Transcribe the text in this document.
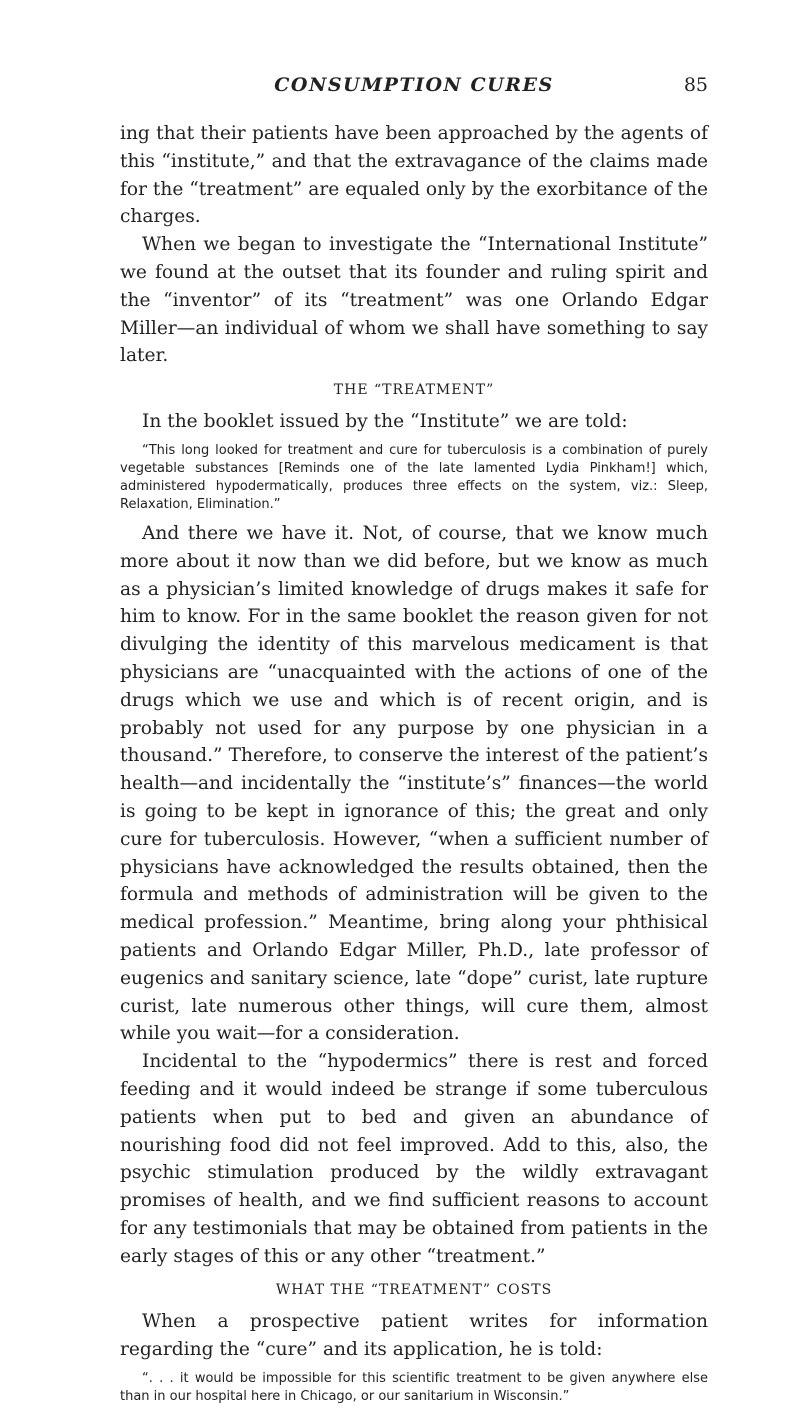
CONSUMPTION CURES	85

ing that their patients have been approached by the agents of this “institute,” and that the extravagance of the claims made for the “treatment” are equaled only by the exorbitance of the charges.

When we began to investigate the “International Institute” we found at the outset that its founder and ruling spirit and the “inventor” of its “treatment” was one Orlando Edgar Miller—an individual of whom we shall have something to say later.

THE “TREATMENT”

In the booklet issued by the “Institute” we are told:

“This long looked for treatment and cure for tuberculosis is a combination of purely vegetable substances [Reminds one of the late lamented Lydia Pinkham!] which, administered hypodermatically, produces three effects on the system, viz.: Sleep, Relaxation, Elimination.”

And there we have it. Not, of course, that we know much more about it now than we did before, but we know as much as a physician’s limited knowledge of drugs makes it safe for him to know. For in the same booklet the reason given for not divulging the identity of this marvelous medicament is that physicians are “unacquainted with the actions of one of the drugs which we use and which is of recent origin, and is probably not used for any purpose by one physician in a thousand.” Therefore, to conserve the interest of the patient’s health—and incidentally the “institute’s” finances—the world is going to be kept in ignorance of this; the great and only cure for tuberculosis. However, “when a sufficient number of physicians have acknowledged the results obtained, then the formula and methods of administration will be given to the medical profession.” Meantime, bring along your phthisical patients and Orlando Edgar Miller, Ph.D., late professor of eugenics and sanitary science, late “dope” curist, late rupture curist, late numerous other things, will cure them, almost while you wait—for a consideration.

Incidental to the “hypodermics” there is rest and forced feeding and it would indeed be strange if some tuberculous patients when put to bed and given an abundance of nourishing food did not feel improved. Add to this, also, the psychic stimulation produced by the wildly extravagant promises of health, and we find sufficient reasons to account for any testimonials that may be obtained from patients in the early stages of this or any other “treatment.”

WHAT THE “TREATMENT” COSTS

When a prospective patient writes for information regarding the “cure” and its application, he is told:

“. . . it would be impossible for this scientific treatment to be given anywhere else than in our hospital here in Chicago, or our sanitarium in Wisconsin.”
